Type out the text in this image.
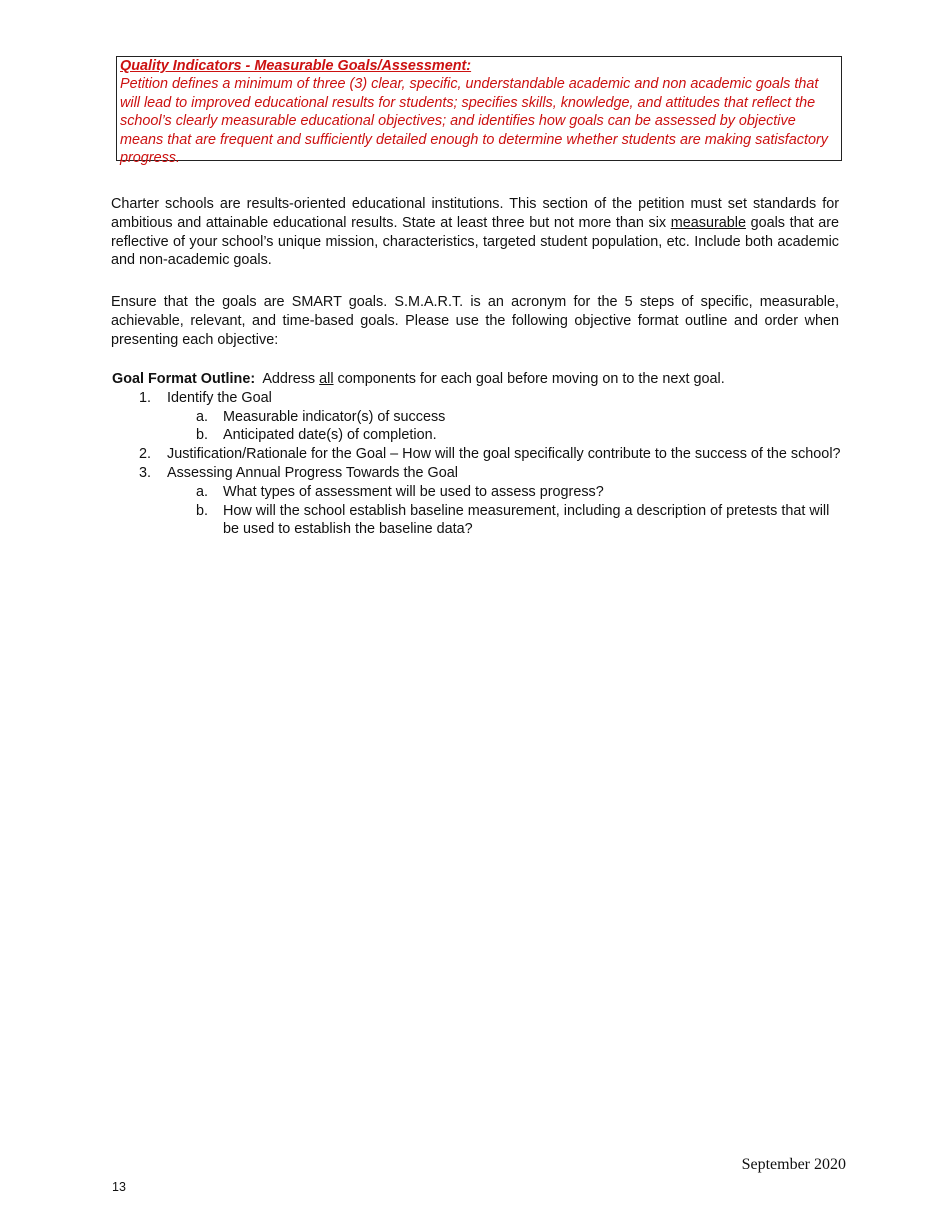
Quality Indicators - Measurable Goals/Assessment:

Petition defines a minimum of three (3) clear, specific, understandable academic and non academic goals that will lead to improved educational results for students; specifies skills, knowledge, and attitudes that reflect the school’s clearly measurable educational objectives; and identifies how goals can be assessed by objective means that are frequent and sufficiently detailed enough to determine whether students are making satisfactory progress.

Charter schools are results-oriented educational institutions. This section of the petition must set standards for ambitious and attainable educational results. State at least three but not more than six measurable goals that are reflective of your school’s unique mission, characteristics, targeted student population, etc. Include both academic and non-academic goals.

Ensure that the goals are SMART goals. S.M.A.R.T. is an acronym for the 5 steps of specific, measurable, achievable, relevant, and time-based goals. Please use the following objective format outline and order when presenting each objective:

Goal Format Outline:  Address all components for each goal before moving on to the next goal.

1. Identify the Goal
a. Measurable indicator(s) of success
b. Anticipated date(s) of completion.
2. Justification/Rationale for the Goal – How will the goal specifically contribute to the success of the school?
3. Assessing Annual Progress Towards the Goal
a. What types of assessment will be used to assess progress?
b. How will the school establish baseline measurement, including a description of pretests that will be used to establish the baseline data?
September 2020
13
